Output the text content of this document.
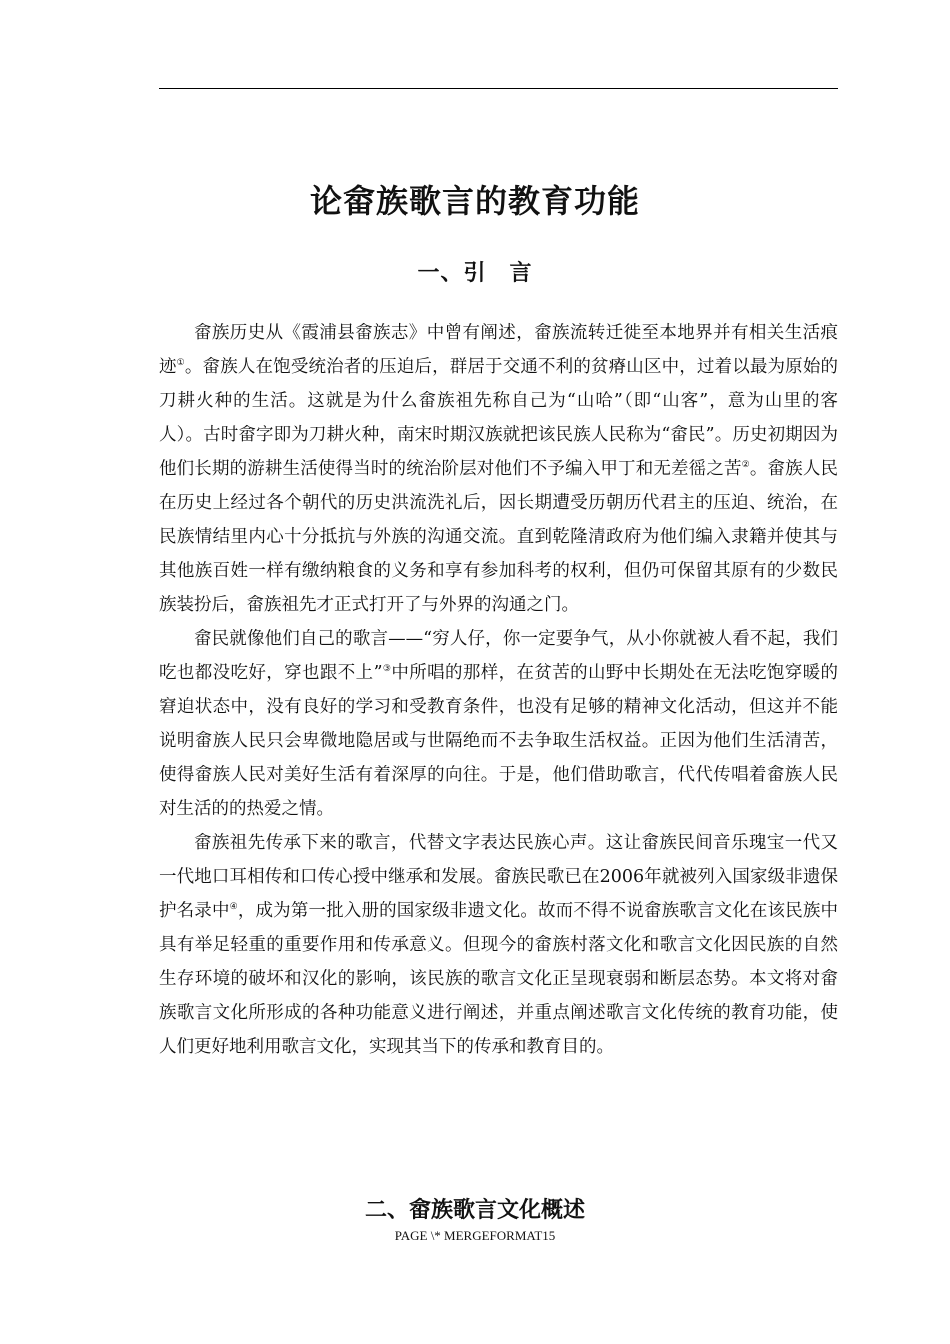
论畲族歌言的教育功能
一、引　言

畲族历史从《霞浦县畲族志》中曾有阐述，畲族流转迁徙至本地界并有相关生活痕迹①。畲族人在饱受统治者的压迫后，群居于交通不利的贫瘠山区中，过着以最为原始的刀耕火种的生活。这就是为什么畲族祖先称自己为“山哈”（即“山客”，意为山里的客人）。古时畲字即为刀耕火种，南宋时期汉族就把该民族人民称为“畲民”。历史初期因为他们长期的游耕生活使得当时的统治阶层对他们不予编入甲丁和无差徭之苦②。畲族人民在历史上经过各个朝代的历史洪流洗礼后，因长期遭受历朝历代君主的压迫、统治，在民族情结里内心十分抵抗与外族的沟通交流。直到乾隆清政府为他们编入隶籍并使其与其他族百姓一样有缴纳粮食的义务和享有参加科考的权利，但仍可保留其原有的少数民族装扮后，畲族祖先才正式打开了与外界的沟通之门。

畲民就像他们自己的歌言——“穷人仔，你一定要争气，从小你就被人看不起，我们吃也都没吃好，穿也跟不上”③中所唱的那样，在贫苦的山野中长期处在无法吃饱穿暖的窘迫状态中，没有良好的学习和受教育条件，也没有足够的精神文化活动，但这并不能说明畲族人民只会卑微地隐居或与世隔绝而不去争取生活权益。正因为他们生活清苦，使得畲族人民对美好生活有着深厚的向往。于是，他们借助歌言，代代传唱着畲族人民对生活的的热爱之情。

畲族祖先传承下来的歌言，代替文字表达民族心声。这让畲族民间音乐瑰宝一代又一代地口耳相传和口传心授中继承和发展。畲族民歌已在2006年就被列入国家级非遗保护名录中④，成为第一批入册的国家级非遗文化。故而不得不说畲族歌言文化在该民族中具有举足轻重的重要作用和传承意义。但现今的畲族村落文化和歌言文化因民族的自然生存环境的破坏和汉化的影响，该民族的歌言文化正呈现衰弱和断层态势。本文将对畲族歌言文化所形成的各种功能意义进行阐述，并重点阐述歌言文化传统的教育功能，使人们更好地利用歌言文化，实现其当下的传承和教育目的。

二、畲族歌言文化概述
PAGE \* MERGEFORMAT15
